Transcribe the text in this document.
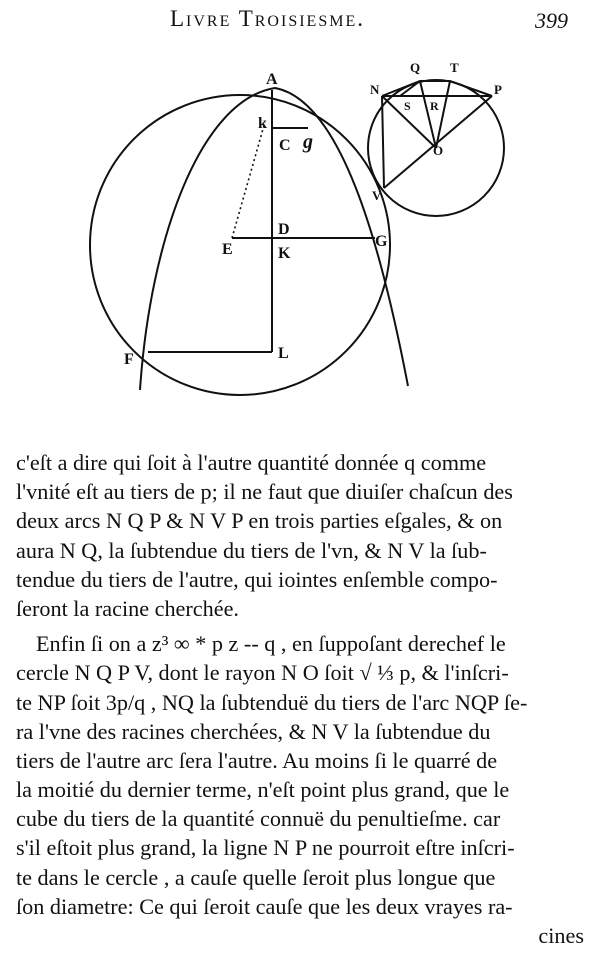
Livre Troisiesme.	399
A
k
C g
D
E	K
G
F	L
N
Q T
P
S R
O
V
c'eſt a dire qui ſoit à l'autre quantité donnée q comme
l'vnité eſt au tiers de p; il ne faut que diuiſer chaſcun des
deux arcs N Q P & N V P en trois parties eſgales, & on
aura N Q, la ſubtendue du tiers de l'vn, & N V la ſub-
tendue du tiers de l'autre, qui iointes enſemble compo-
ſeront la racine cherchée.
Enfin ſi on a z³ ∞ * p z -- q , en ſuppoſant derechef le
cercle N Q P V, dont le rayon N O ſoit √ ⅓ p, & l'inſcri-
te NP ſoit 3p/q , NQ la ſubtenduë du tiers de l'arc NQP ſe-
ra l'vne des racines cherchées, & N V la ſubtendue du
tiers de l'autre arc ſera l'autre. Au moins ſi le quarré de
la moitié du dernier terme, n'eſt point plus grand, que le
cube du tiers de la quantité connuë du penultieſme. car
s'il eſtoit plus grand, la ligne N P ne pourroit eſtre inſcri-
te dans le cercle , a cauſe quelle ſeroit plus longue que
ſon diametre: Ce qui ſeroit cauſe que les deux vrayes ra-
cines
